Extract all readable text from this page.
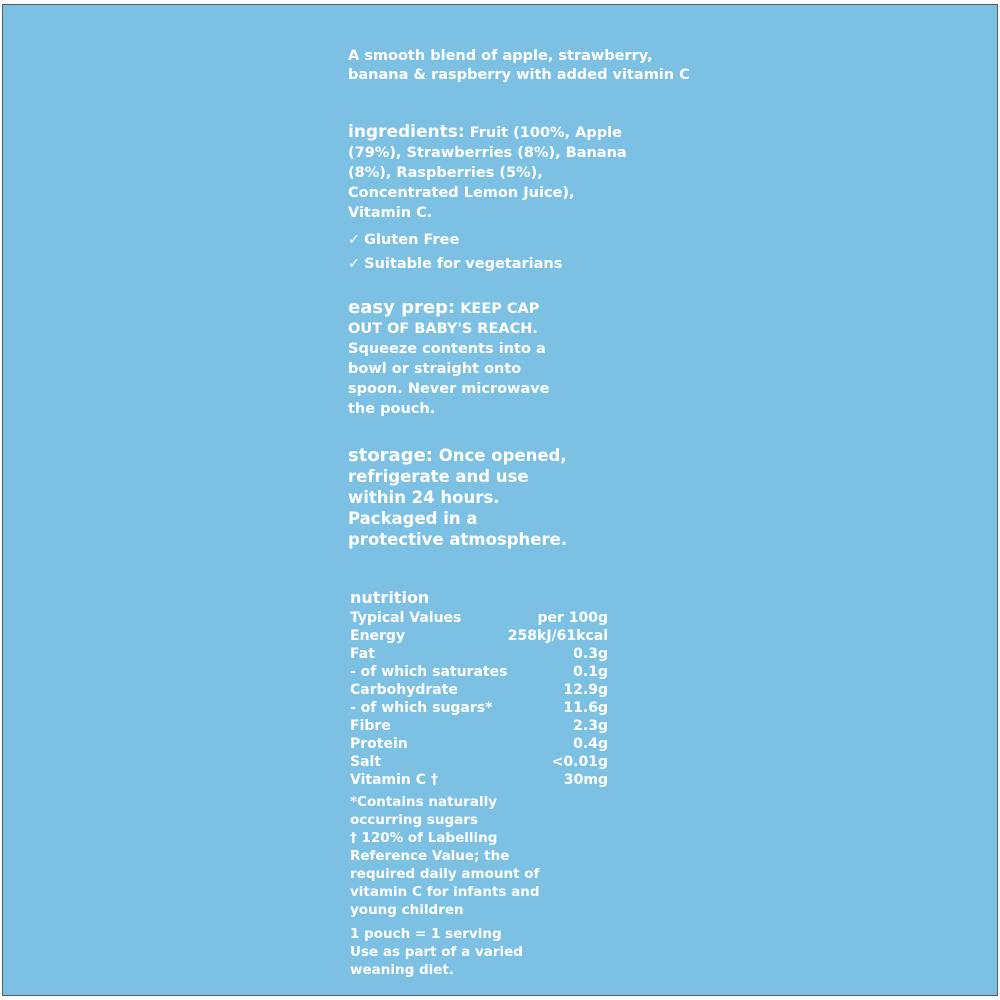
A smooth blend of apple, strawberry,
banana & raspberry with added vitamin C
ingredients: Fruit (100%, Apple (79%), Strawberries (8%), Banana (8%), Raspberries (5%), Concentrated Lemon Juice), Vitamin C.
✓ Gluten Free
✓ Suitable for vegetarians
easy prep: KEEP CAP OUT OF BABY'S REACH. Squeeze contents into a bowl or straight onto spoon. Never microwave the pouch.
storage: Once opened, refrigerate and use within 24 hours. Packaged in a protective atmosphere.
nutrition
Typical Values	per 100g
Energy	258kJ/61kcal
Fat	0.3g
- of which saturates	0.1g
Carbohydrate	12.9g
- of which sugars*	11.6g
Fibre	2.3g
Protein	0.4g
Salt	<0.01g
Vitamin C †	30mg
*Contains naturally occurring sugars
† 120% of Labelling Reference Value; the required daily amount of vitamin C for infants and young children
1 pouch = 1 serving
Use as part of a varied weaning diet.
